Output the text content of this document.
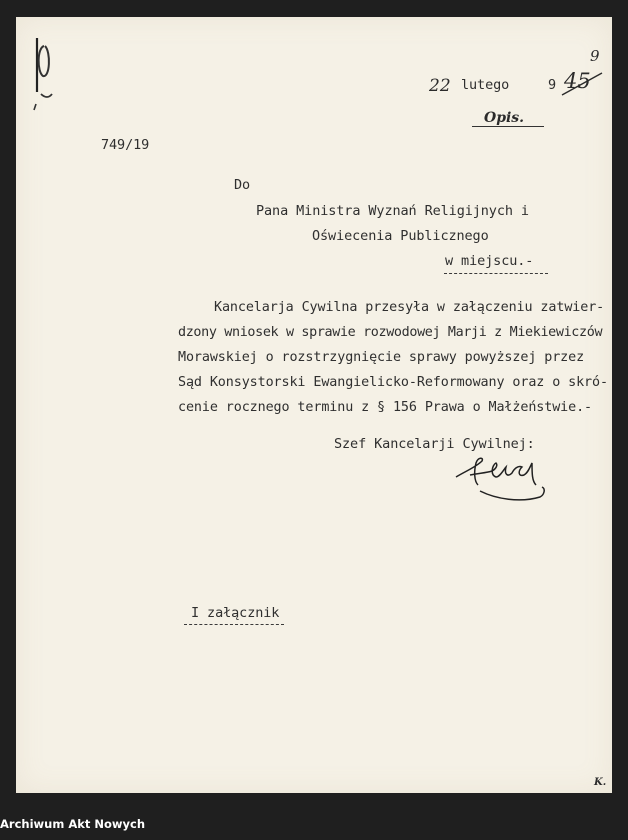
22 lutego	9 45
9
Opis.
749/19
Do
Pana Ministra Wyznań Religijnych i
Oświecenia Publicznego
w miejscu.-
Kancelarja Cywilna przesyła w załączeniu zatwier-
dzony wniosek w sprawie rozwodowej Marji z Miekiewiczów
Morawskiej o rozstrzygnięcie sprawy powyższej przez
Sąd Konsystorski Ewangielicko-Reformowany oraz o skró-
cenie rocznego terminu z § 156 Prawa o Małżeństwie.-
Szef Kancelarji Cywilnej:
I załącznik
K.
Archiwum Akt Nowych
